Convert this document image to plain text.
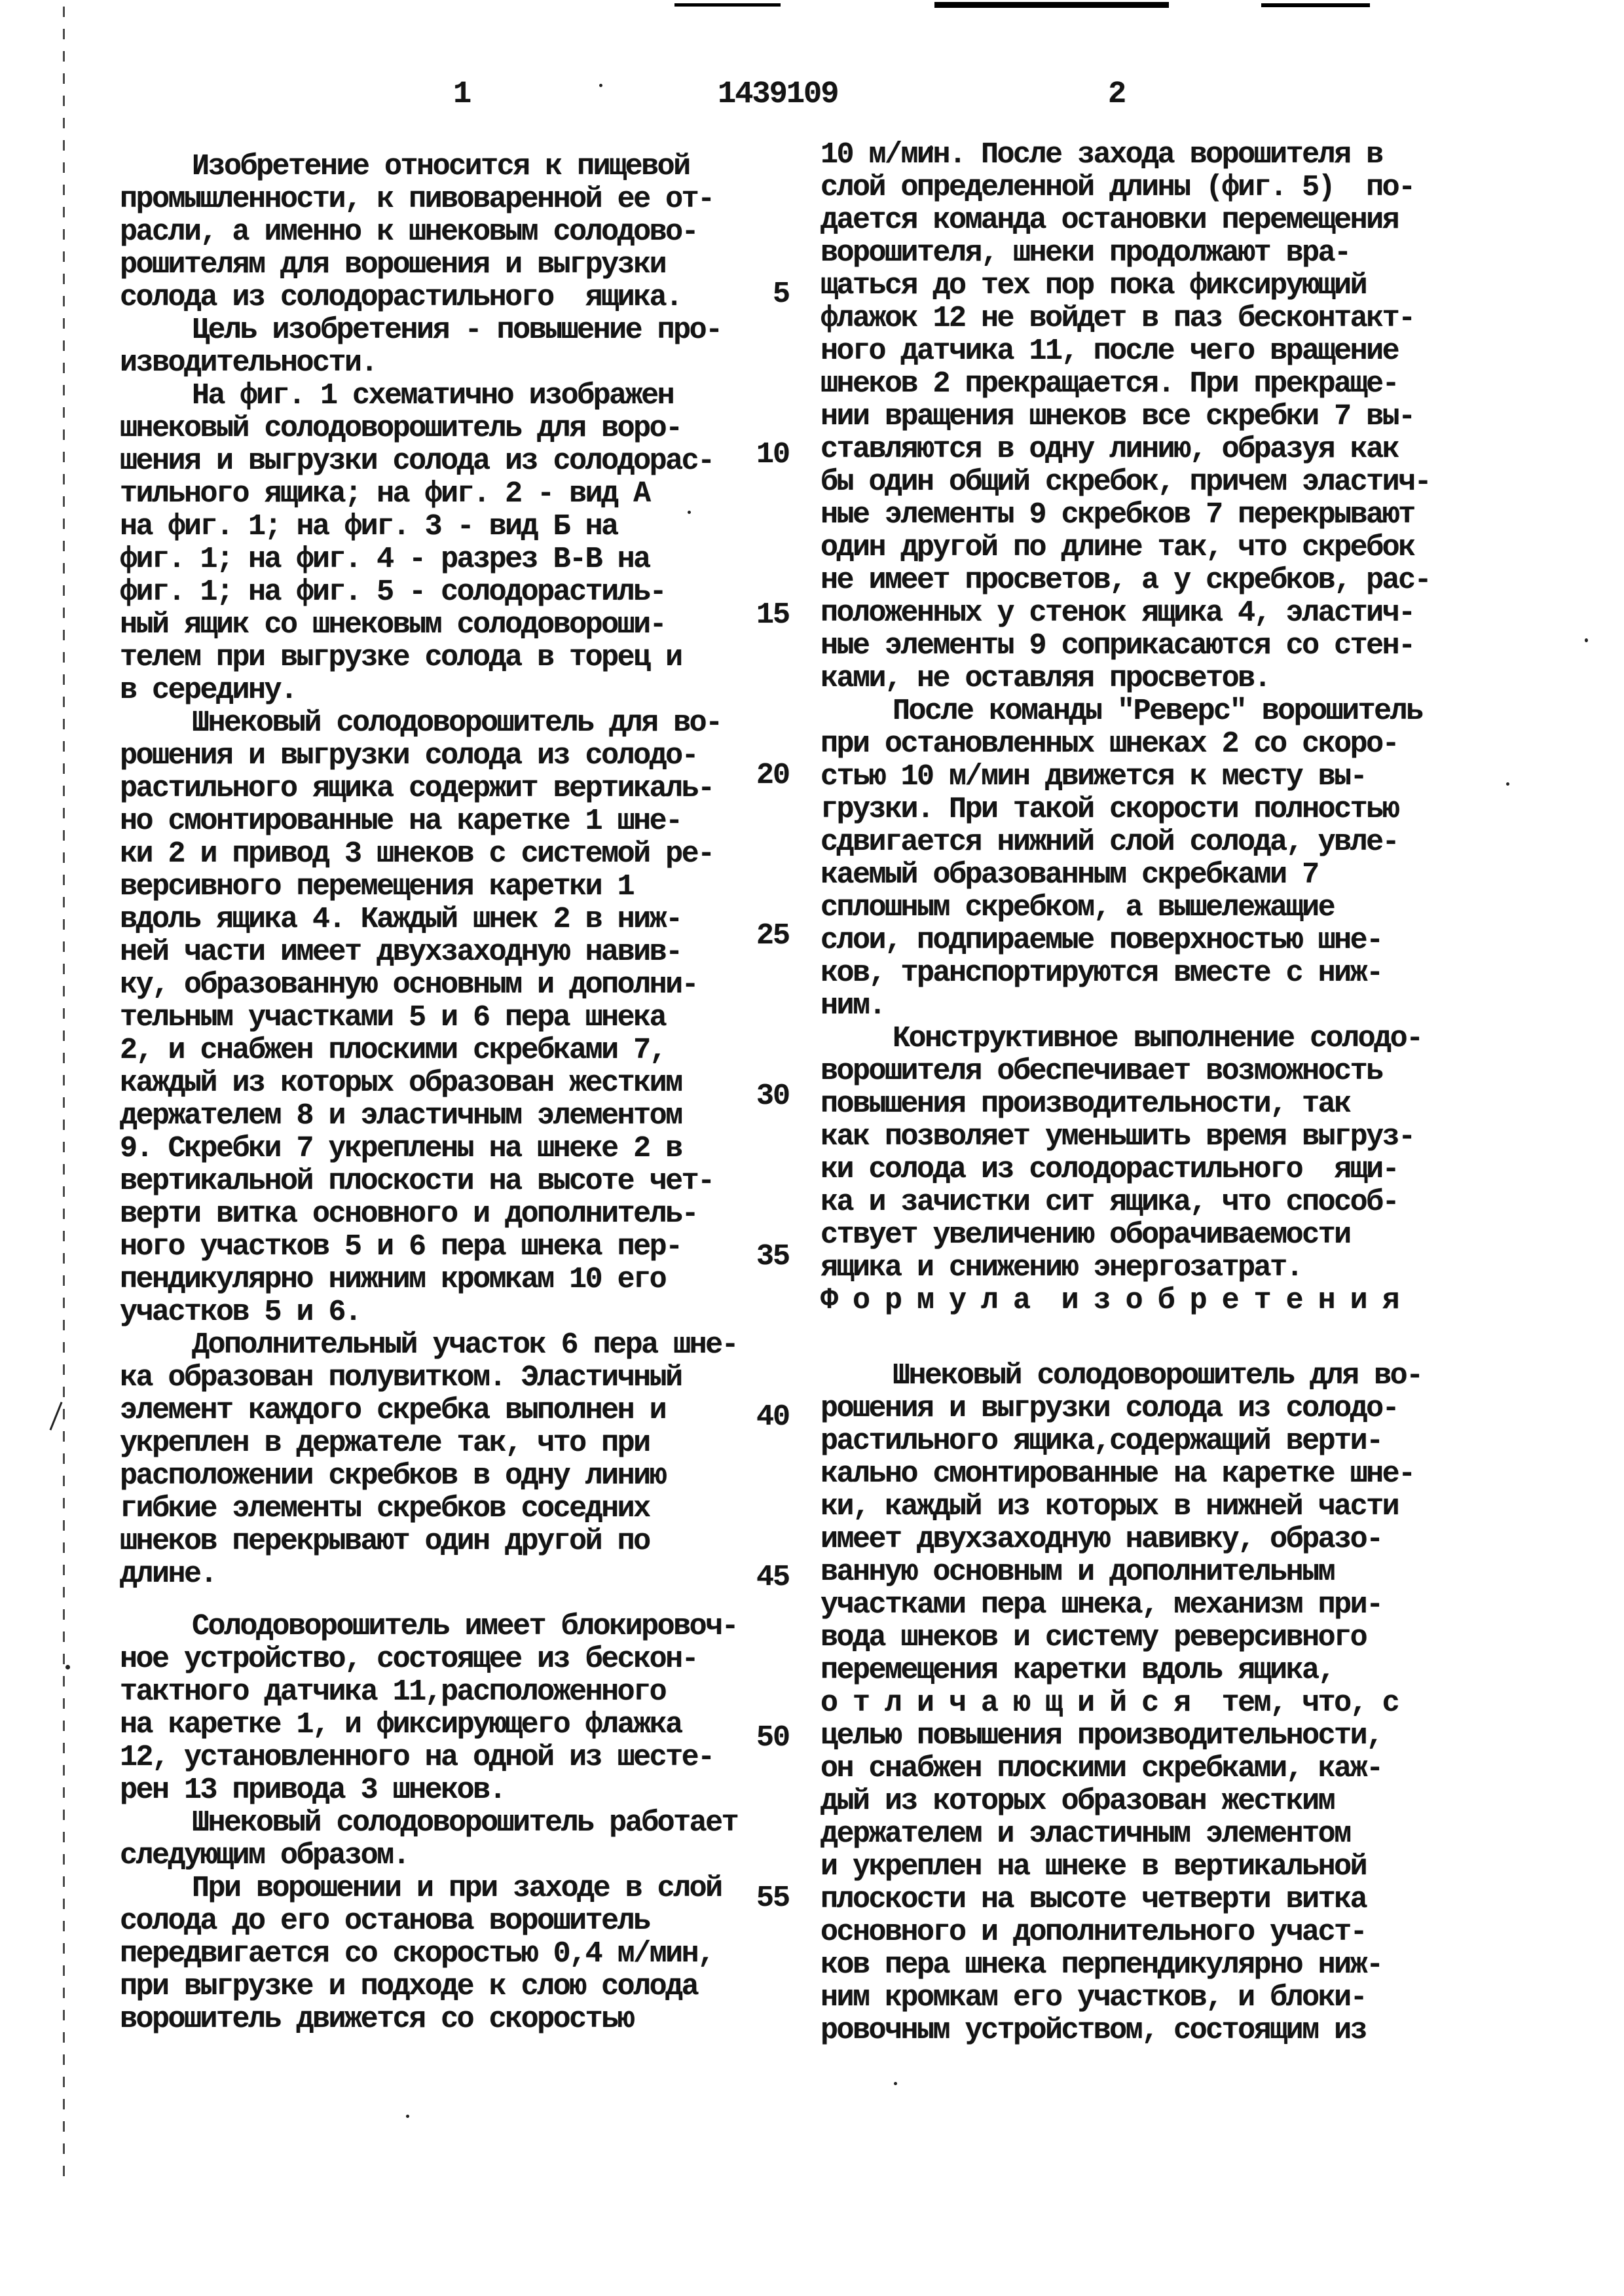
1	1439109	2
Изобретение относится к пищевой
промышленности, к пивоваренной ее от-
расли, а именно к шнековым солодово-
рошителям для ворошения и выгрузки
солода из солодорастильного  ящика.
Цель изобретения - повышение про-
изводительности.
На фиг. 1 схематично изображен
шнековый солодоворошитель для воро-
шения и выгрузки солода из солодорас-
тильного ящика; на фиг. 2 - вид А
на фиг. 1; на фиг. 3 - вид Б на
фиг. 1; на фиг. 4 - разрез В-В на
фиг. 1; на фиг. 5 - солодорастиль-
ный ящик со шнековым солодовороши-
телем при выгрузке солода в торец и
в середину.
Шнековый солодоворошитель для во-
рошения и выгрузки солода из солодо-
растильного ящика содержит вертикаль-
но смонтированные на каретке 1 шне-
ки 2 и привод 3 шнеков с системой ре-
версивного перемещения каретки 1
вдоль ящика 4. Каждый шнек 2 в ниж-
ней части имеет двухзаходную навив-
ку, образованную основным и дополни-
тельным участками 5 и 6 пера шнека
2, и снабжен плоскими скребками 7,
каждый из которых образован жестким
держателем 8 и эластичным элементом
9. Скребки 7 укреплены на шнеке 2 в
вертикальной плоскости на высоте чет-
верти витка основного и дополнитель-
ного участков 5 и 6 пера шнека пер-
пендикулярно нижним кромкам 10 его
участков 5 и 6.
Дополнительный участок 6 пера шне-
ка образован полувитком. Эластичный
элемент каждого скребка выполнен и
укреплен в держателе так, что при
расположении скребков в одну линию
гибкие элементы скребков соседних
шнеков перекрывают один другой по
длине.
Солодоворошитель имеет блокировоч-
ное устройство, состоящее из бескон-
тактного датчика 11,расположенного
на каретке 1, и фиксирующего флажка
12, установленного на одной из шесте-
рен 13 привода 3 шнеков.
Шнековый солодоворошитель работает
следующим образом.
При ворошении и при заходе в слой
солода до его останова ворошитель
передвигается со скоростью 0,4 м/мин,
при выгрузке и подходе к слою солода
ворошитель движется со скоростью
10 м/мин. После захода ворошителя в
слой определенной длины (фиг. 5)  по-
дается команда остановки перемещения
ворошителя, шнеки продолжают вра-
щаться до тех пор пока фиксирующий
флажок 12 не войдет в паз бесконтакт-
ного датчика 11, после чего вращение
шнеков 2 прекращается. При прекраще-
нии вращения шнеков все скребки 7 вы-
ставляются в одну линию, образуя как
бы один общий скребок, причем эластич-
ные элементы 9 скребков 7 перекрывают
один другой по длине так, что скребок
не имеет просветов, а у скребков, рас-
положенных у стенок ящика 4, эластич-
ные элементы 9 соприкасаются со стен-
ками, не оставляя просветов.
После команды "Реверс" ворошитель
при остановленных шнеках 2 со скоро-
стью 10 м/мин движется к месту вы-
грузки. При такой скорости полностью
сдвигается нижний слой солода, увле-
каемый образованным скребками 7
сплошным скребком, а вышележащие
слои, подпираемые поверхностью шне-
ков, транспортируются вместе с ниж-
ним.
Конструктивное выполнение солодо-
ворошителя обеспечивает возможность
повышения производительности, так
как позволяет уменьшить время выгруз-
ки солода из солодорастильного  ящи-
ка и зачистки сит ящика, что способ-
ствует увеличению оборачиваемости
ящика и снижению энергозатрат.
Ф о р м у л а  и з о б р е т е н и я
Шнековый солодоворошитель для во-
рошения и выгрузки солода из солодо-
растильного ящика,содержащий верти-
кально смонтированные на каретке шне-
ки, каждый из которых в нижней части
имеет двухзаходную навивку, образо-
ванную основным и дополнительным
участками пера шнека, механизм при-
вода шнеков и систему реверсивного
перемещения каретки вдоль ящика,
о т л и ч а ю щ и й с я  тем, что, с
целью повышения производительности,
он снабжен плоскими скребками, каж-
дый из которых образован жестким
держателем и эластичным элементом
и укреплен на шнеке в вертикальной
плоскости на высоте четверти витка
основного и дополнительного участ-
ков пера шнека перпендикулярно ниж-
ним кромкам его участков, и блоки-
ровочным устройством, состоящим из
5
10
15
20
25
30
35
40
45
50
55
